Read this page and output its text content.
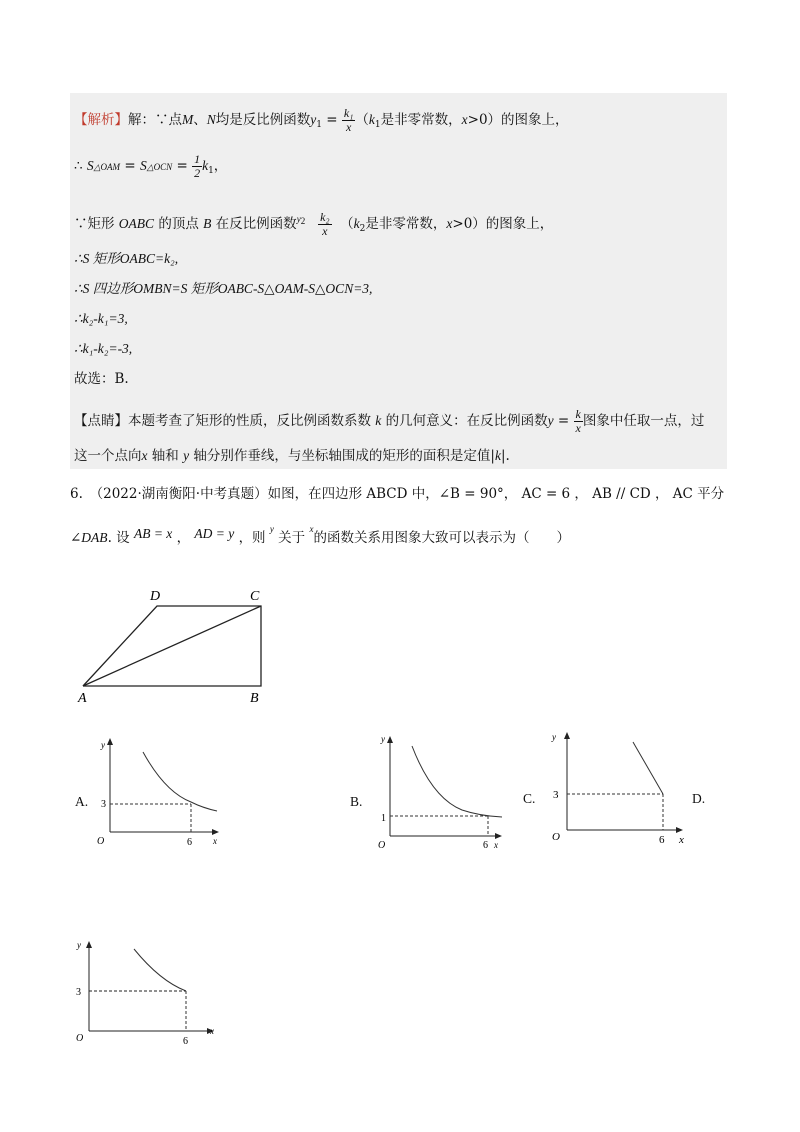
【解析】解：∵点M、N均是反比例函数$y_1 = \frac{\text{k₁}}{x} (k_1$是非零常数，x>0）的图象上，
∴ S△OAM = S△OCN = $\frac{1}{2} k_1$，
∵矩形 OABC 的顶点 B 在反比例函数$^{y2} \frac{\text{k₂}}{x} (k_2$是非零常数，x>0）的图象上，
∴S 矩形OABC=k₂,
∴S 四边形OMBN=S 矩形OABC-S△OAM-S△OCN=3,
∴k₂-k₁=3,
∴k₁-k₂=-3,
故选：B.
【点睛】本题考查了矩形的性质，反比例函数系数 k 的几何意义：在反比例函数$y = \frac{k}{x}$ 图象中任取一点，过
这一个点向x 轴和 y 轴分别作垂线，与坐标轴围成的矩形的面积是定值|k|.
6.　（2022·湖南衡阳·中考真题）如图，在四边形 ABCD 中，∠B = 90°， AC = 6 ， AB // CD ， AC 平分
∠DAB. 设 AB = x ， AD = y ，则 $^y$ 关于 $^x$的函数关系用图象大致可以表示为（　　）
A	B
C
D
A.	B.	C.	D.
y
x
O
3
6
y
x
O
1
6
y
x
O
3
6
y
x
O
3
6
